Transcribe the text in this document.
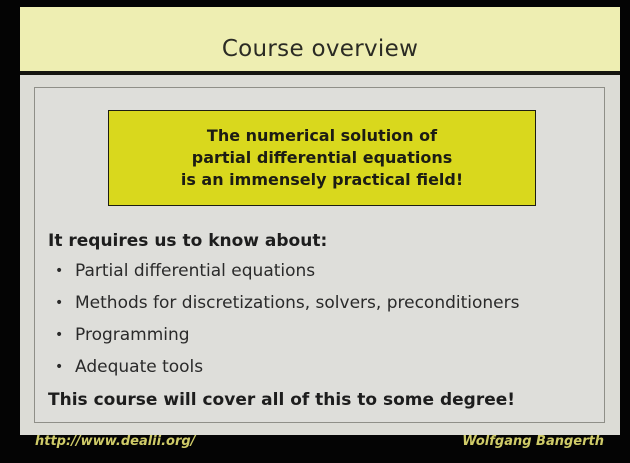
Course overview
The numerical solution of
partial differential equations
is an immensely practical field!
It requires us to know about:
• Partial differential equations
• Methods for discretizations, solvers, preconditioners
• Programming
• Adequate tools
This course will cover all of this to some degree!
http://www.dealii.org/	Wolfgang Bangerth
